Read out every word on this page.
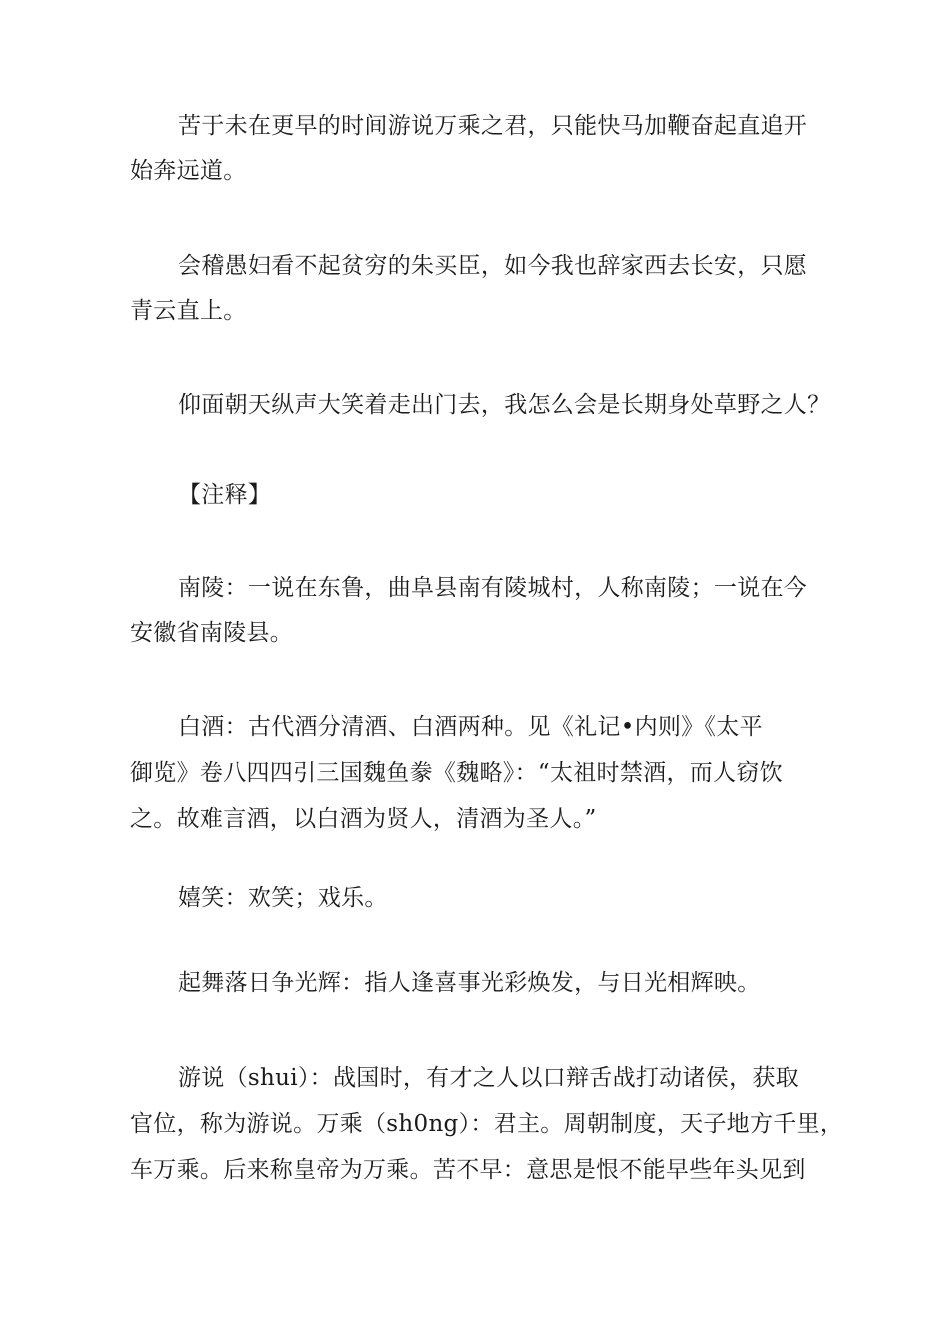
苦于未在更早的时间游说万乘之君，只能快马加鞭奋起直追开
始奔远道。
会稽愚妇看不起贫穷的朱买臣，如今我也辞家西去长安，只愿
青云直上。
仰面朝天纵声大笑着走出门去，我怎么会是长期身处草野之人？
【注释】
南陵：一说在东鲁，曲阜县南有陵城村，人称南陵；一说在今
安徽省南陵县。
白酒：古代酒分清酒、白酒两种。见《礼记•内则》《太平
御览》卷八四四引三国魏鱼豢《魏略》：“太祖时禁酒，而人窃饮
之。故难言酒，以白酒为贤人，清酒为圣人。”
嬉笑：欢笑；戏乐。
起舞落日争光辉：指人逢喜事光彩焕发，与日光相辉映。
游说（shui）：战国时，有才之人以口辩舌战打动诸侯，获取
官位，称为游说。万乘（sh0ng）：君主。周朝制度，天子地方千里，
车万乘。后来称皇帝为万乘。苦不早：意思是恨不能早些年头见到
